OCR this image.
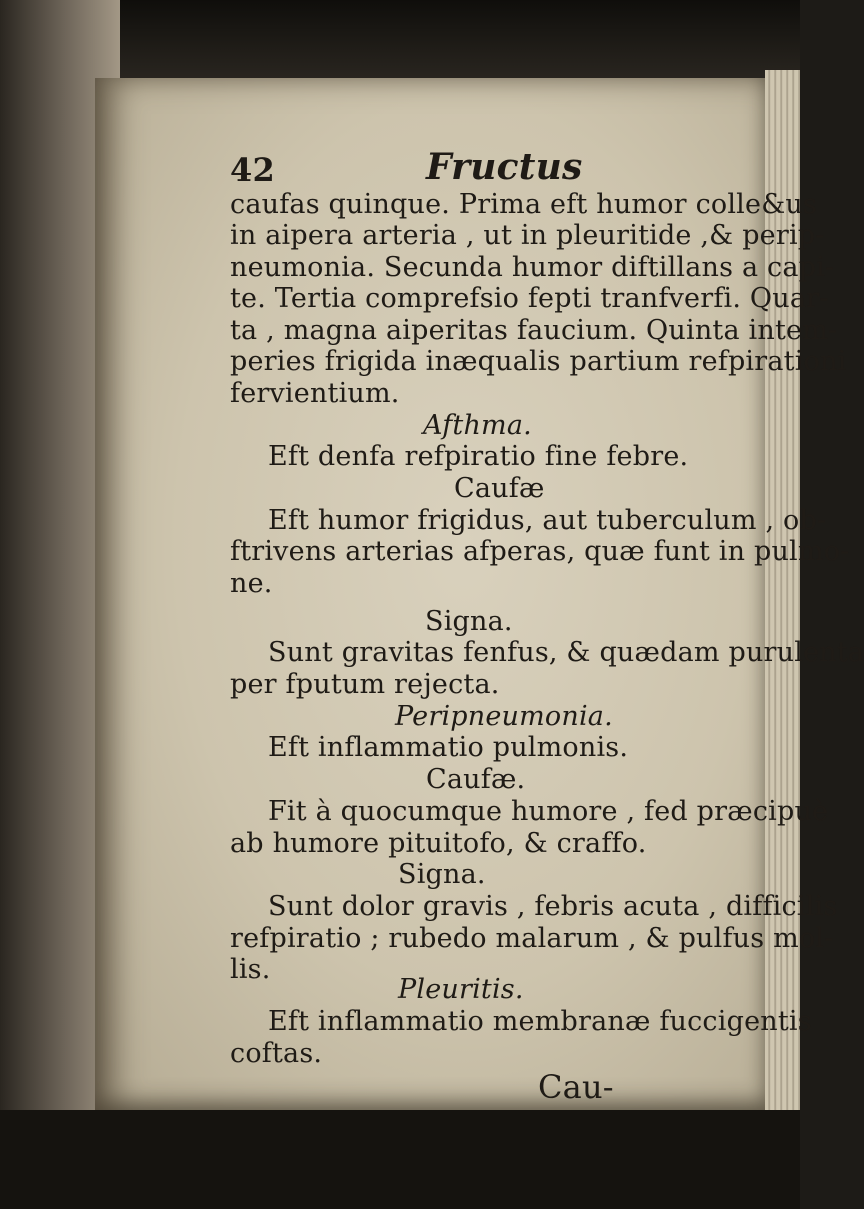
42	Fructus
caufas quinque. Prima eft humor colle&us
in aipera arteria , ut in pleuritide ,& perip-
neumonia. Secunda humor diftillans a capi-
te. Tertia comprefsio fepti tranfverfi. Quar-
ta , magna aiperitas faucium. Quinta intem-
peries frigida inæqualis partium refpirationi
fervientium.
Afthma.
Eft denfa refpiratio fine febre.
Caufæ
Eft humor frigidus, aut tuberculum , ob-
ftrivens arterias afperas, quæ funt in pulmo-
ne.
Signa.
Sunt gravitas fenfus, & quædam purulenta
per fputum rejecta.
Peripneumonia.
Eft inflammatio pulmonis.
Caufæ.
Fit à quocumque humore , fed præcipuè
ab humore pituitofo, & craffo.
Signa.
Sunt dolor gravis , febris acuta , difficilis
refpiratio ; rubedo malarum , & pulfus mol-
lis.
Pleuritis.
Eft inflammatio membranæ fuccigentis
coftas.
Cau-
